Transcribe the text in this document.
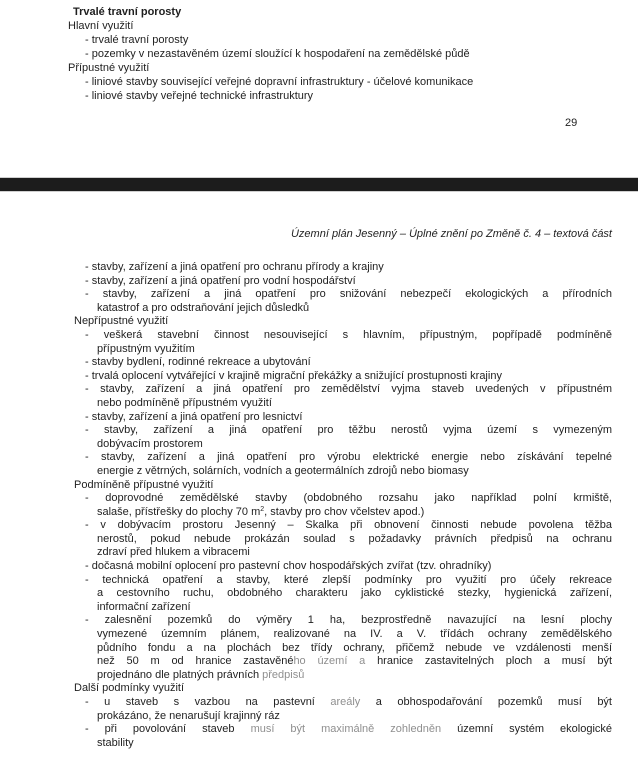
Trvalé travní porosty
Hlavní využití
- trvalé travní porosty
- pozemky v nezastavěném území sloužící k hospodaření na zemědělské půdě
Přípustné využití
- liniové stavby související veřejné dopravní infrastruktury - účelové komunikace
- liniové stavby veřejné technické infrastruktury
29
Územní plán Jesenný – Úplné znění po Změně č. 4 – textová část
- stavby, zařízení a jiná opatření pro ochranu přírody a krajiny
- stavby, zařízení a jiná opatření pro vodní hospodářství
- stavby, zařízení a jiná opatření pro snižování nebezpečí ekologických a přírodních
katastrof a pro odstraňování jejich důsledků
Nepřípustné využití
- veškerá stavební činnost nesouvisející s hlavním, přípustným, popřípadě podmíněně
přípustným využitím
- stavby bydlení, rodinné rekreace a ubytování
- trvalá oplocení vytvářející v krajině migrační překážky a snižující prostupnosti krajiny
- stavby, zařízení a jiná opatření pro zemědělství vyjma staveb uvedených v přípustném
nebo podmíněně přípustném využití
- stavby, zařízení a jiná opatření pro lesnictví
- stavby, zařízení a jiná opatření pro těžbu nerostů vyjma území s vymezeným
dobývacím prostorem
- stavby, zařízení a jiná opatření pro výrobu elektrické energie nebo získávání tepelné
energie z větrných, solárních, vodních a geotermálních zdrojů nebo biomasy
Podmíněně přípustné využití
- doprovodné zemědělské stavby (obdobného rozsahu jako například polní krmiště,
salaše, přístřešky do plochy 70 $m^2$, stavby pro chov včelstev apod.)
- v dobývacím prostoru Jesenný – Skalka při obnovení činnosti nebude povolena těžba
nerostů, pokud nebude prokázán soulad s požadavky právních předpisů na ochranu
zdraví před hlukem a vibracemi
- dočasná mobilní oplocení pro pastevní chov hospodářských zvířat (tzv. ohradníky)
- technická opatření a stavby, které zlepší podmínky pro využití pro účely rekreace
a cestovního ruchu, obdobného charakteru jako cyklistické stezky, hygienická zařízení,
informační zařízení
- zalesnění pozemků do výměry 1 ha, bezprostředně navazující na lesní plochy
vymezené územním plánem, realizované na IV. a V. třídách ochrany zemědělského
půdního fondu a na plochách bez třídy ochrany, přičemž nebude ve vzdálenosti menší
než 50 m od hranice zastavěného území a hranice zastavitelných ploch a musí být
projednáno dle platných právních předpisů
Další podmínky využití
- u staveb s vazbou na pastevní areály a obhospodařování pozemků musí být
prokázáno, že nenarušují krajinný ráz
- při povolování staveb musí být maximálně zohledněn územní systém ekologické
stability
